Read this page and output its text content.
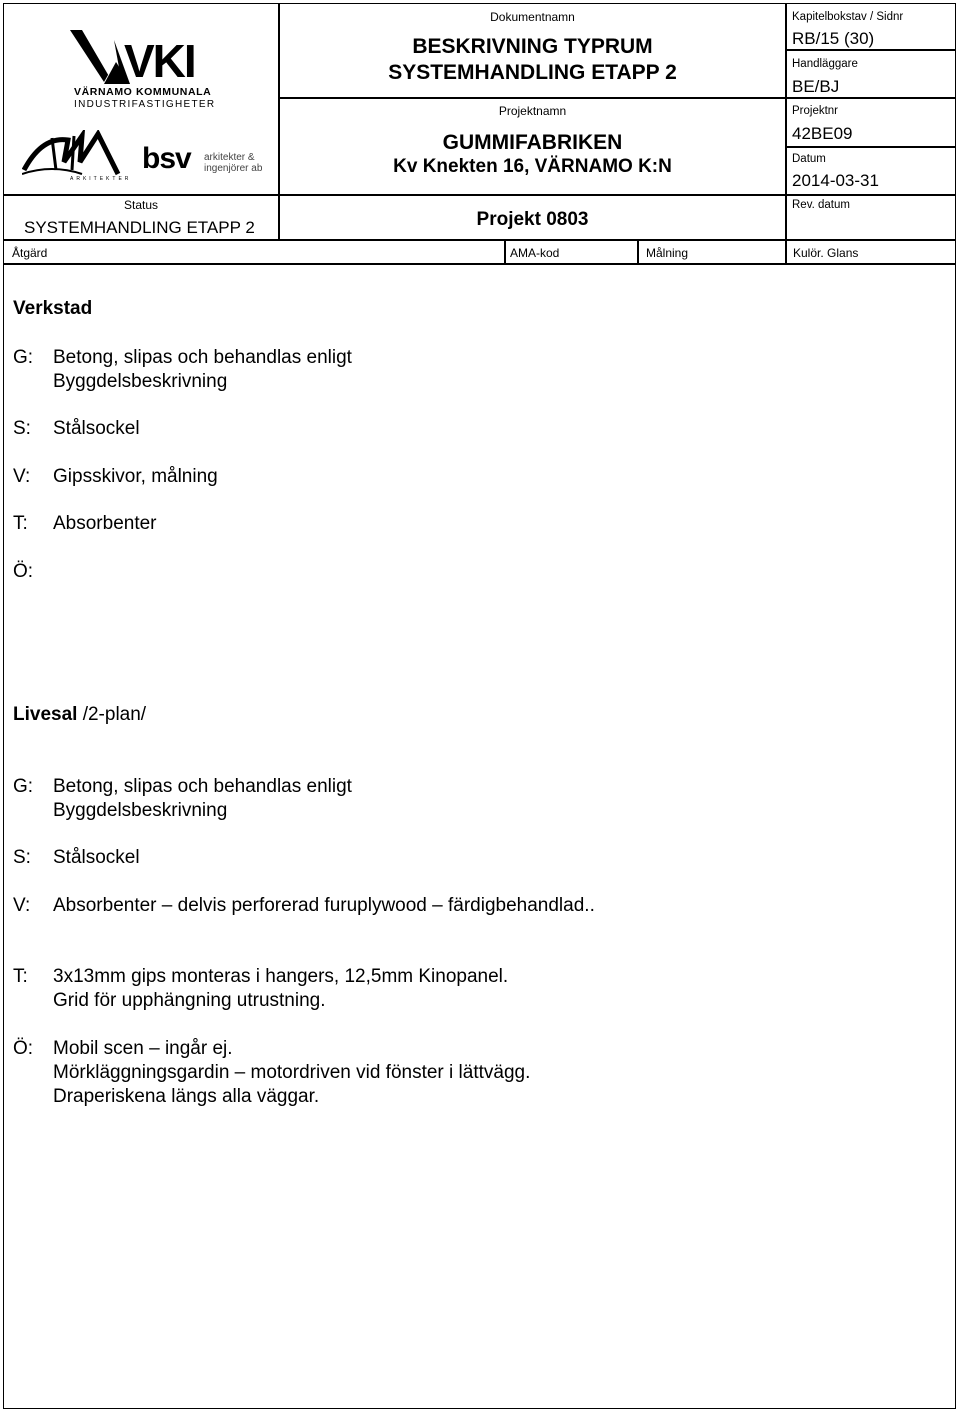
VKI
VÄRNAMO KOMMUNALA
INDUSTRIFASTIGHETER
ARKITEKTER
bsv arkitekter &
ingenjörer ab
Status
SYSTEMHANDLING ETAPP 2
Dokumentnamn
BESKRIVNING TYPRUM
SYSTEMHANDLING ETAPP 2
Projektnamn
GUMMIFABRIKEN
Kv Knekten 16, VÄRNAMO K:N
Projekt 0803
Kapitelbokstav / Sidnr
RB/15 (30)
Handläggare
BE/BJ
Projektnr
42BE09
Datum
2014-03-31
Rev. datum
Åtgärd	AMA-kod	Målning	Kulör. Glans
Verkstad
G:	Betong, slipas och behandlas enligt
Byggdelsbeskrivning
S:	Stålsockel
V:	Gipsskivor, målning
T:	Absorbenter
Ö:
Livesal /2-plan/
G:	Betong, slipas och behandlas enligt
Byggdelsbeskrivning
S:	Stålsockel
V:	Absorbenter – delvis perforerad furuplywood – färdigbehandlad..
T:	3x13mm gips monteras i hangers, 12,5mm Kinopanel.
Grid för upphängning utrustning.
Ö:	Mobil scen – ingår ej.
Mörkläggningsgardin – motordriven vid fönster i lättvägg.
Draperiskena längs alla väggar.
